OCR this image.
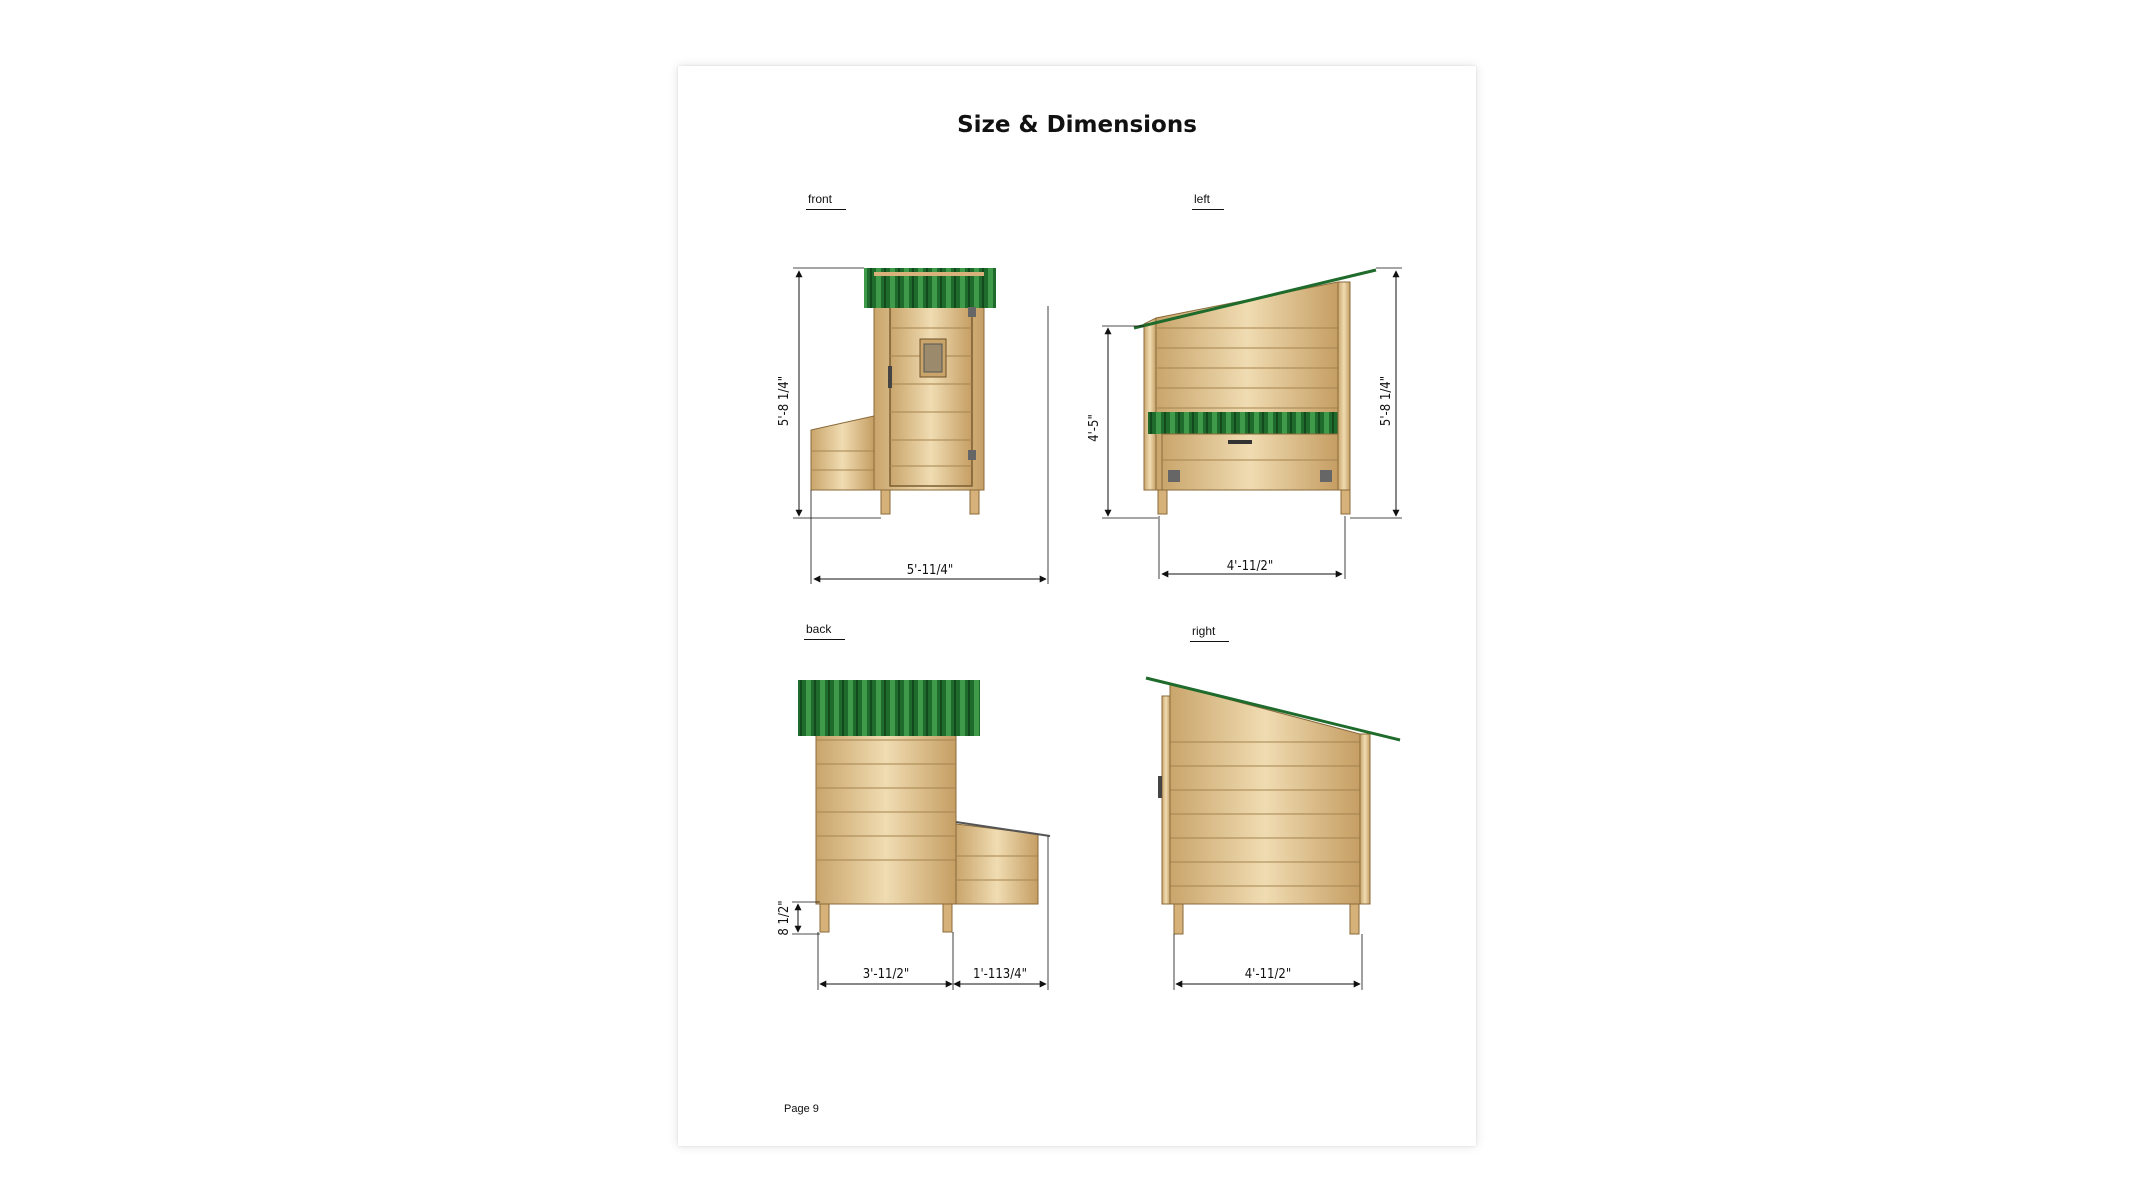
Size & Dimensions
front	left
back	right
5'-8 1/4"
5'-11/4"
4'-5"
5'-8 1/4"
4'-11/2"
8 1/2"
3'-11/2"	1'-113/4"	4'-11/2"
Page 9
